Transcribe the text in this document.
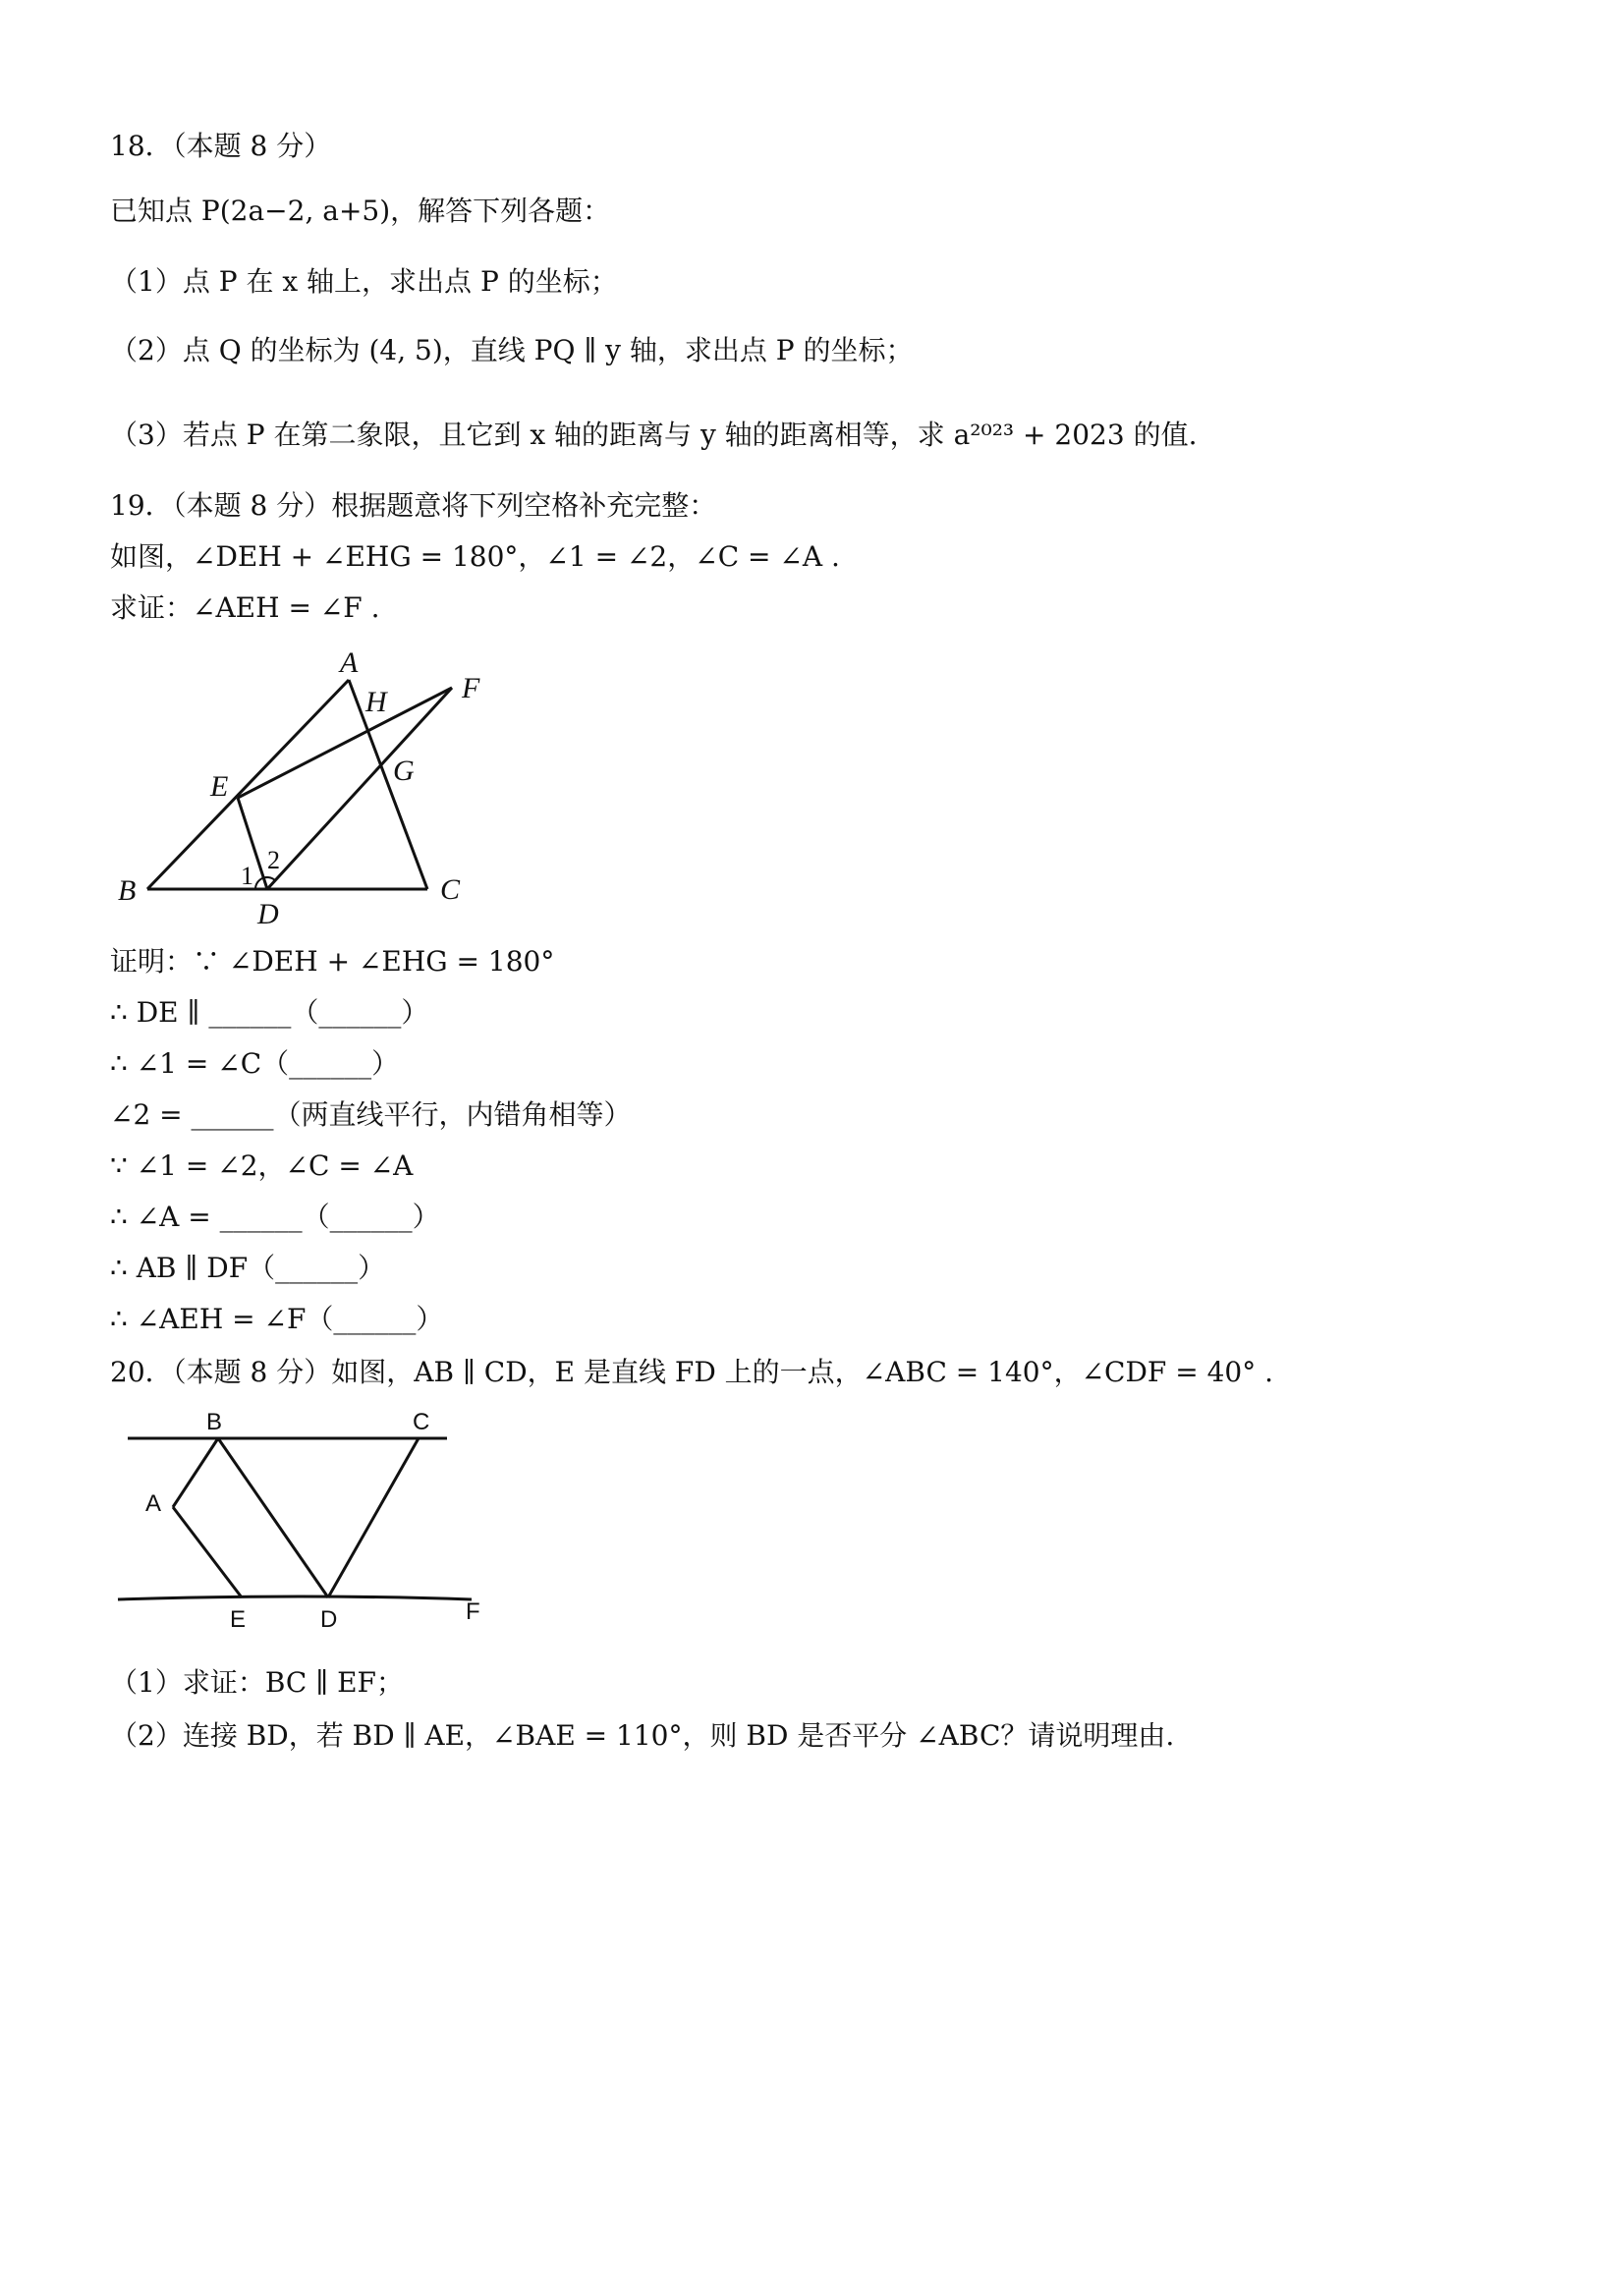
18．（本题 8 分）
已知点 P(2a−2, a+5)，解答下列各题：
（1）点 P 在 x 轴上，求出点 P 的坐标；
（2）点 Q 的坐标为 (4, 5)，直线 PQ ∥ y 轴，求出点 P 的坐标；
（3）若点 P 在第二象限，且它到 x 轴的距离与 y 轴的距离相等，求 a²⁰²³ + 2023 的值.
19．（本题 8 分）根据题意将下列空格补充完整：
如图，∠DEH + ∠EHG = 180°，∠1 = ∠2，∠C = ∠A .
求证：∠AEH = ∠F .
A
H	F
E	G
B	1
2
D
C
证明：∵ ∠DEH + ∠EHG = 180°
∴ DE ∥ ______（______）
∴ ∠1 = ∠C（______）
∠2 = ______（两直线平行，内错角相等）
∵ ∠1 = ∠2，∠C = ∠A
∴ ∠A = ______（______）
∴ AB ∥ DF（______）
∴ ∠AEH = ∠F（______）
20．（本题 8 分）如图，AB ∥ CD，E 是直线 FD 上的一点，∠ABC = 140°，∠CDF = 40° .
B	C
A
E	D	F
（1）求证：BC ∥ EF；
（2）连接 BD，若 BD ∥ AE，∠BAE = 110°，则 BD 是否平分 ∠ABC？请说明理由.
